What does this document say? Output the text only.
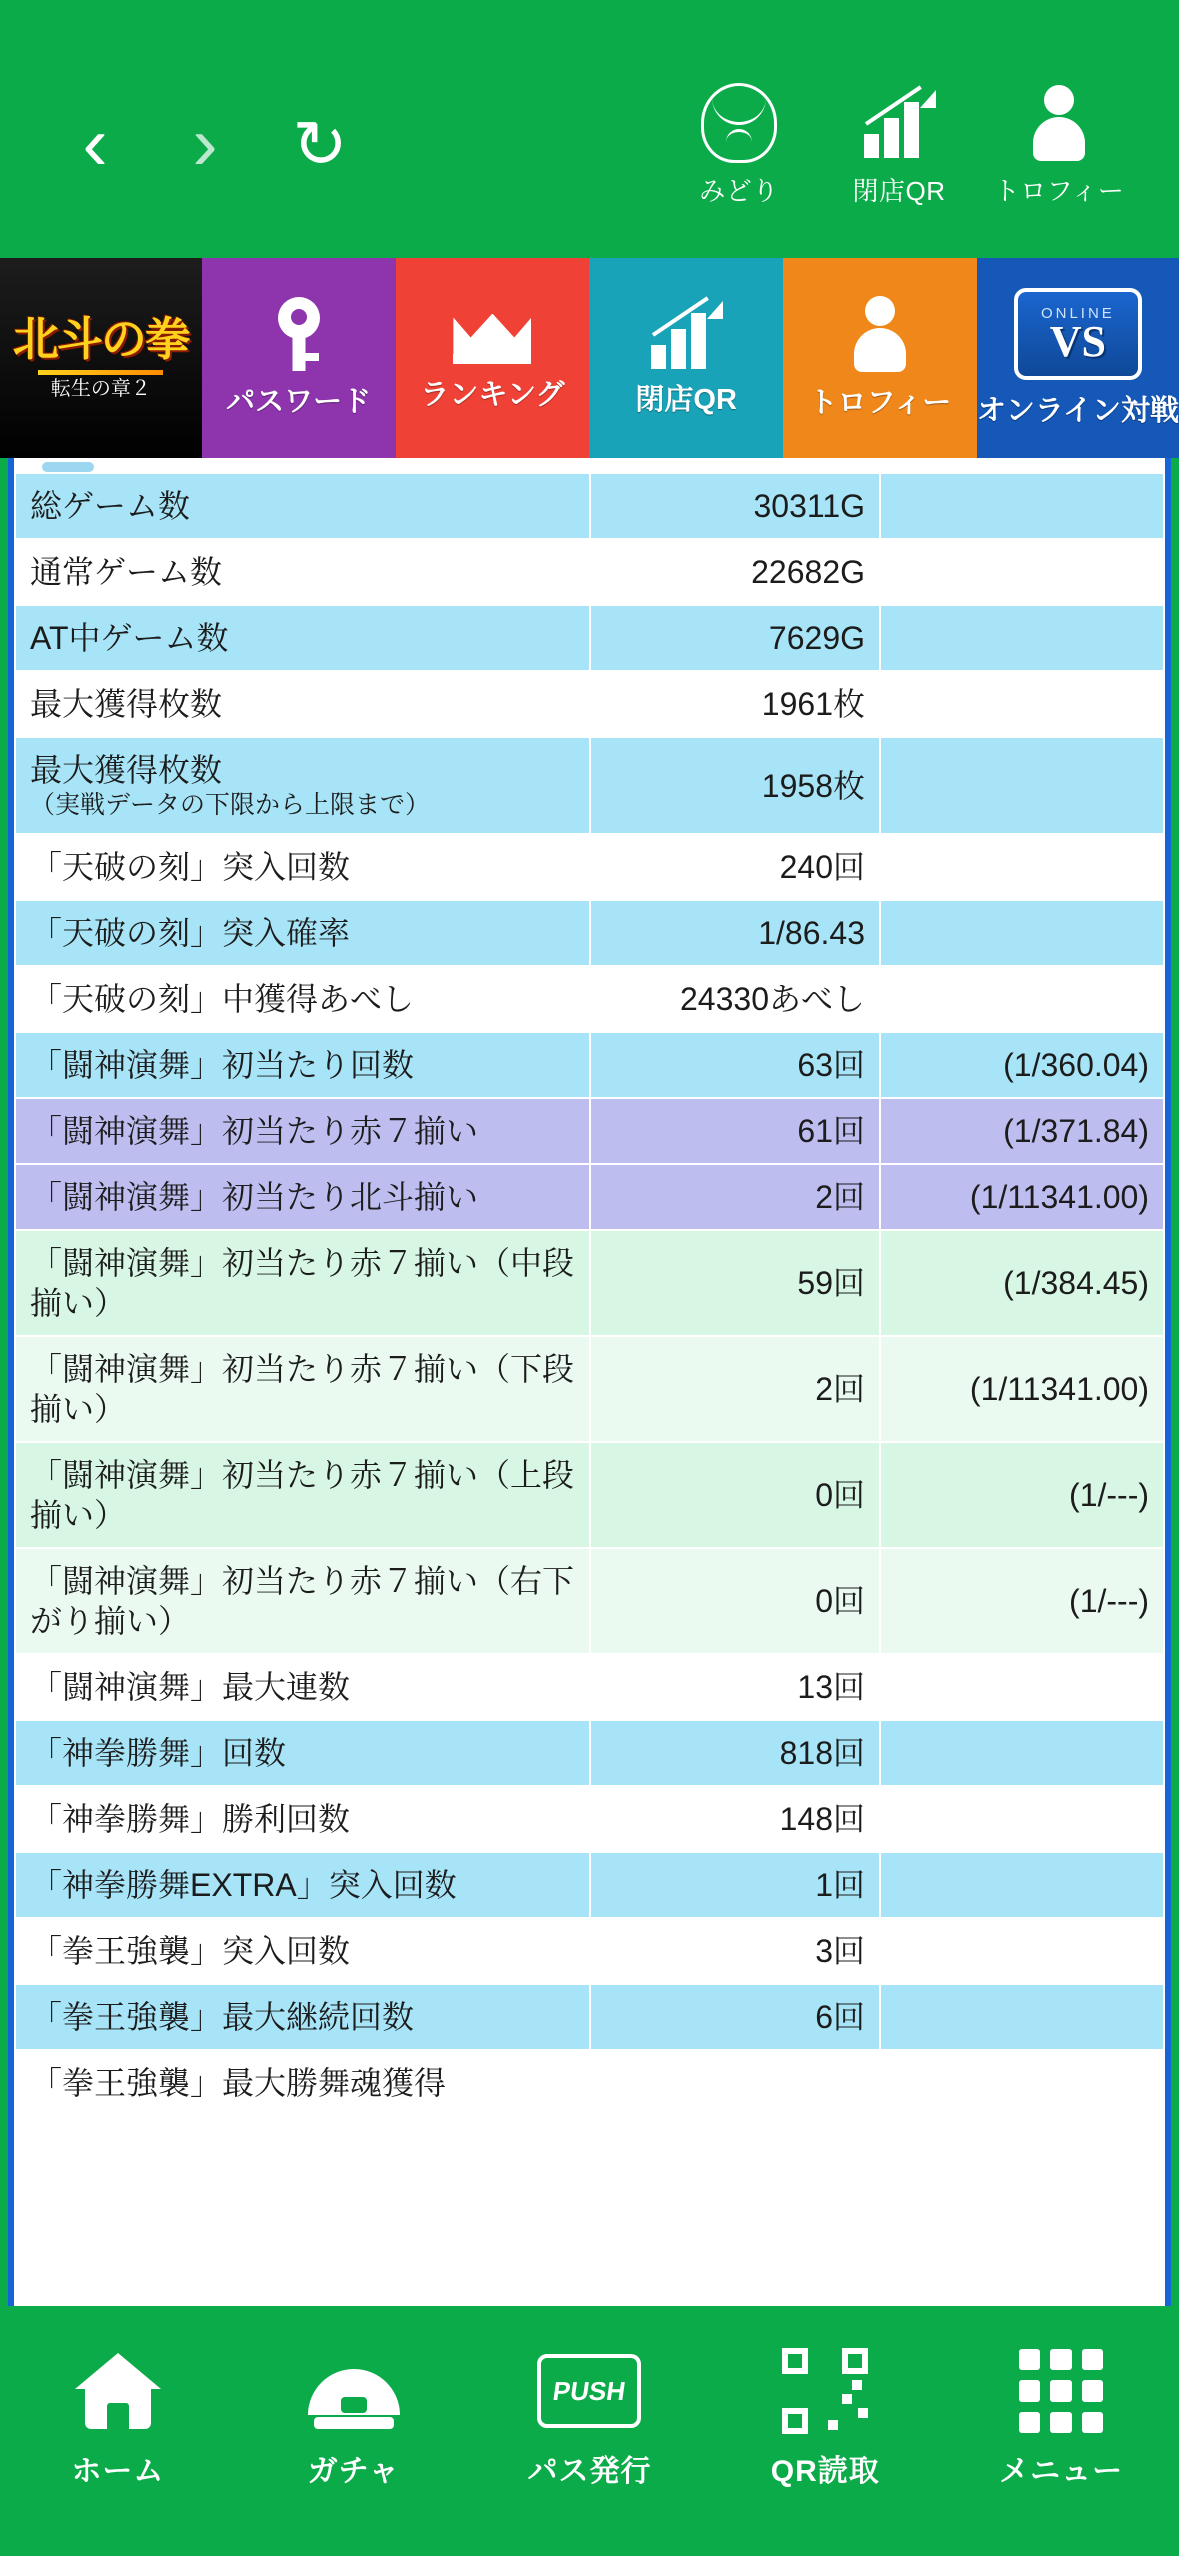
‹	›	↻
みどり	閉店QR トロフィー
北斗の拳
転生の章２	パスワード ランキング 閉店QR トロフィー
ONLINE
VS
オンライン対戦
総ゲーム数	30311G	
通常ゲーム数	22682G	
AT中ゲーム数	7629G	
最大獲得枚数	1961枚	
最大獲得枚数
（実戦データの下限から上限まで）	1958枚	
「天破の刻」突入回数	240回	
「天破の刻」突入確率	1/86.43	
「天破の刻」中獲得あべし	24330あべし	
「闘神演舞」初当たり回数	63回	(1/360.04)
「闘神演舞」初当たり赤７揃い	61回	(1/371.84)
「闘神演舞」初当たり北斗揃い	2回	(1/11341.00)
「闘神演舞」初当たり赤７揃い（中段揃い）	59回	(1/384.45)
「闘神演舞」初当たり赤７揃い（下段揃い）	2回	(1/11341.00)
「闘神演舞」初当たり赤７揃い（上段揃い）	0回	(1/---)
「闘神演舞」初当たり赤７揃い（右下がり揃い）	0回	(1/---)
「闘神演舞」最大連数	13回	
「神拳勝舞」回数	818回	
「神拳勝舞」勝利回数	148回	
「神拳勝舞EXTRA」突入回数	1回	
「拳王強襲」突入回数	3回	
「拳王強襲」最大継続回数	6回	
「拳王強襲」最大勝舞魂獲得		
ホーム	ガチャ
PUSH
パス発行	QR読取	メニュー
